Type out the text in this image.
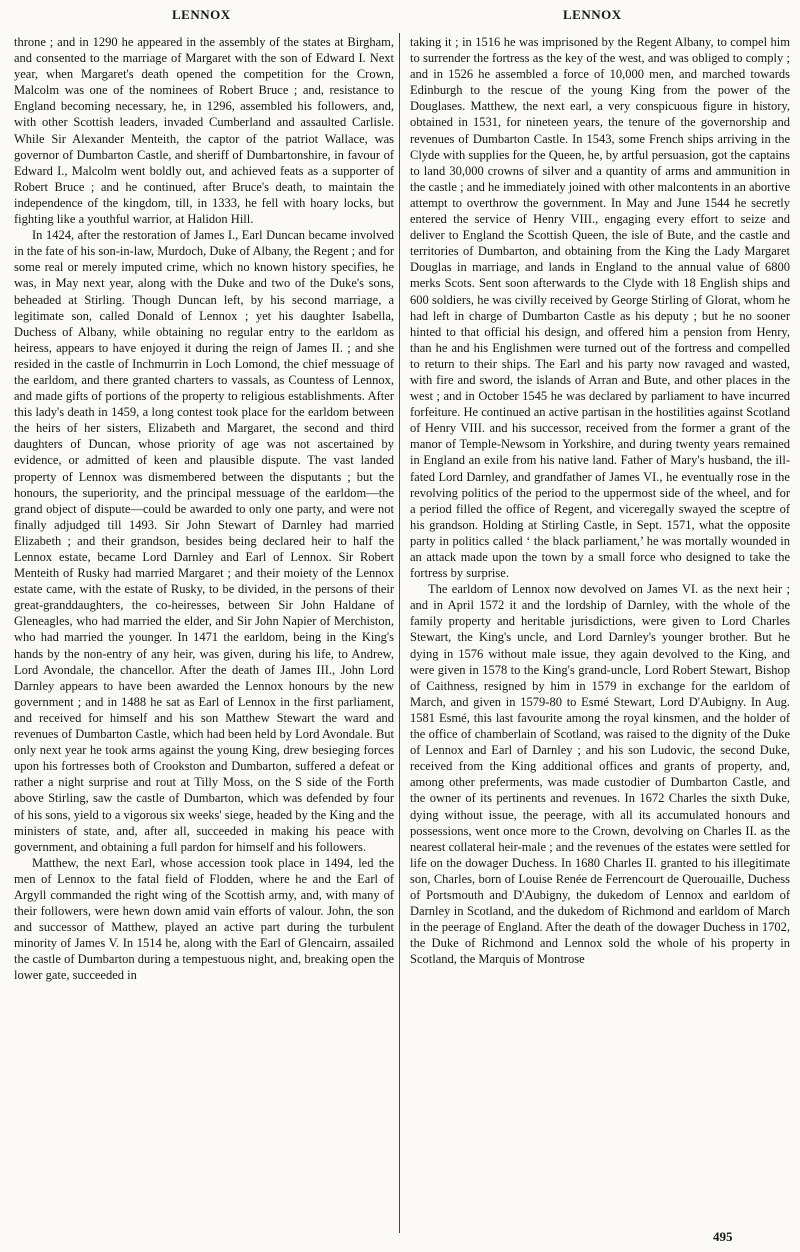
LENNOX	LENNOX

throne ; and in 1290 he appeared in the assembly of the states at Birgham, and consented to the marriage of Margaret with the son of Edward I. Next year, when Margaret's death opened the competition for the Crown, Malcolm was one of the nominees of Robert Bruce ; and, resistance to England becoming necessary, he, in 1296, assembled his followers, and, with other Scottish leaders, invaded Cumberland and assaulted Carlisle. While Sir Alexander Menteith, the captor of the patriot Wallace, was governor of Dumbarton Castle, and sheriff of Dumbartonshire, in favour of Edward I., Malcolm went boldly out, and achieved feats as a supporter of Robert Bruce ; and he continued, after Bruce's death, to maintain the independence of the kingdom, till, in 1333, he fell with hoary locks, but fighting like a youthful warrior, at Halidon Hill.

In 1424, after the restoration of James I., Earl Duncan became involved in the fate of his son-in-law, Murdoch, Duke of Albany, the Regent ; and for some real or merely imputed crime, which no known history specifies, he was, in May next year, along with the Duke and two of the Duke's sons, beheaded at Stirling. Though Duncan left, by his second marriage, a legitimate son, called Donald of Lennox ; yet his daughter Isabella, Duchess of Albany, while obtaining no regular entry to the earldom as heiress, appears to have enjoyed it during the reign of James II. ; and she resided in the castle of Inchmurrin in Loch Lomond, the chief messuage of the earldom, and there granted charters to vassals, as Countess of Lennox, and made gifts of portions of the property to religious establishments. After this lady's death in 1459, a long contest took place for the earldom between the heirs of her sisters, Elizabeth and Margaret, the second and third daughters of Duncan, whose priority of age was not ascertained by evidence, or admitted of keen and plausible dispute. The vast landed property of Lennox was dismembered between the disputants ; but the honours, the superiority, and the principal messuage of the earldom—the grand object of dispute—could be awarded to only one party, and were not finally adjudged till 1493. Sir John Stewart of Darnley had married Elizabeth ; and their grandson, besides being declared heir to half the Lennox estate, became Lord Darnley and Earl of Lennox. Sir Robert Menteith of Rusky had married Margaret ; and their moiety of the Lennox estate came, with the estate of Rusky, to be divided, in the persons of their great-granddaughters, the co-heiresses, between Sir John Haldane of Gleneagles, who had married the elder, and Sir John Napier of Merchiston, who had married the younger. In 1471 the earldom, being in the King's hands by the non-entry of any heir, was given, during his life, to Andrew, Lord Avondale, the chancellor. After the death of James III., John Lord Darnley appears to have been awarded the Lennox honours by the new government ; and in 1488 he sat as Earl of Lennox in the first parliament, and received for himself and his son Matthew Stewart the ward and revenues of Dumbarton Castle, which had been held by Lord Avondale. But only next year he took arms against the young King, drew besieging forces upon his fortresses both of Crookston and Dumbarton, suffered a defeat or rather a night surprise and rout at Tilly Moss, on the S side of the Forth above Stirling, saw the castle of Dumbarton, which was defended by four of his sons, yield to a vigorous six weeks' siege, headed by the King and the ministers of state, and, after all, succeeded in making his peace with government, and obtaining a full pardon for himself and his followers.

Matthew, the next Earl, whose accession took place in 1494, led the men of Lennox to the fatal field of Flodden, where he and the Earl of Argyll commanded the right wing of the Scottish army, and, with many of their followers, were hewn down amid vain efforts of valour. John, the son and successor of Matthew, played an active part during the turbulent minority of James V. In 1514 he, along with the Earl of Glencairn, assailed the castle of Dumbarton during a tempestuous night, and, breaking open the lower gate, succeeded in

taking it ; in 1516 he was imprisoned by the Regent Albany, to compel him to surrender the fortress as the key of the west, and was obliged to comply ; and in 1526 he assembled a force of 10,000 men, and marched towards Edinburgh to the rescue of the young King from the power of the Douglases. Matthew, the next earl, a very conspicuous figure in history, obtained in 1531, for nineteen years, the tenure of the governorship and revenues of Dumbarton Castle. In 1543, some French ships arriving in the Clyde with supplies for the Queen, he, by artful persuasion, got the captains to land 30,000 crowns of silver and a quantity of arms and ammunition in the castle ; and he immediately joined with other malcontents in an abortive attempt to overthrow the government. In May and June 1544 he secretly entered the service of Henry VIII., engaging every effort to seize and deliver to England the Scottish Queen, the isle of Bute, and the castle and territories of Dumbarton, and obtaining from the King the Lady Margaret Douglas in marriage, and lands in England to the annual value of 6800 merks Scots. Sent soon afterwards to the Clyde with 18 English ships and 600 soldiers, he was civilly received by George Stirling of Glorat, whom he had left in charge of Dumbarton Castle as his deputy ; but he no sooner hinted to that official his design, and offered him a pension from Henry, than he and his Englishmen were turned out of the fortress and compelled to return to their ships. The Earl and his party now ravaged and wasted, with fire and sword, the islands of Arran and Bute, and other places in the west ; and in October 1545 he was declared by parliament to have incurred forfeiture. He continued an active partisan in the hostilities against Scotland of Henry VIII. and his successor, received from the former a grant of the manor of Temple-Newsom in Yorkshire, and during twenty years remained in England an exile from his native land. Father of Mary's husband, the ill-fated Lord Darnley, and grandfather of James VI., he eventually rose in the revolving politics of the period to the uppermost side of the wheel, and for a period filled the office of Regent, and viceregally swayed the sceptre of his grandson. Holding at Stirling Castle, in Sept. 1571, what the opposite party in politics called ‘ the black parliament,’ he was mortally wounded in an attack made upon the town by a small force who designed to take the fortress by surprise.

The earldom of Lennox now devolved on James VI. as the next heir ; and in April 1572 it and the lordship of Darnley, with the whole of the family property and heritable jurisdictions, were given to Lord Charles Stewart, the King's uncle, and Lord Darnley's younger brother. But he dying in 1576 without male issue, they again devolved to the King, and were given in 1578 to the King's grand-uncle, Lord Robert Stewart, Bishop of Caithness, resigned by him in 1579 in exchange for the earldom of March, and given in 1579-80 to Esmé Stewart, Lord D'Aubigny. In Aug. 1581 Esmé, this last favourite among the royal kinsmen, and the holder of the office of chamberlain of Scotland, was raised to the dignity of the Duke of Lennox and Earl of Darnley ; and his son Ludovic, the second Duke, received from the King additional offices and grants of property, and, among other preferments, was made custodier of Dumbarton Castle, and the owner of its pertinents and revenues. In 1672 Charles the sixth Duke, dying without issue, the peerage, with all its accumulated honours and possessions, went once more to the Crown, devolving on Charles II. as the nearest collateral heir-male ; and the revenues of the estates were settled for life on the dowager Duchess. In 1680 Charles II. granted to his illegitimate son, Charles, born of Louise Renée de Ferrencourt de Querouaille, Duchess of Portsmouth and D'Aubigny, the dukedom of Lennox and earldom of Darnley in Scotland, and the dukedom of Richmond and earldom of March in the peerage of England. After the death of the dowager Duchess in 1702, the Duke of Richmond and Lennox sold the whole of his property in Scotland, the Marquis of Montrose

495
